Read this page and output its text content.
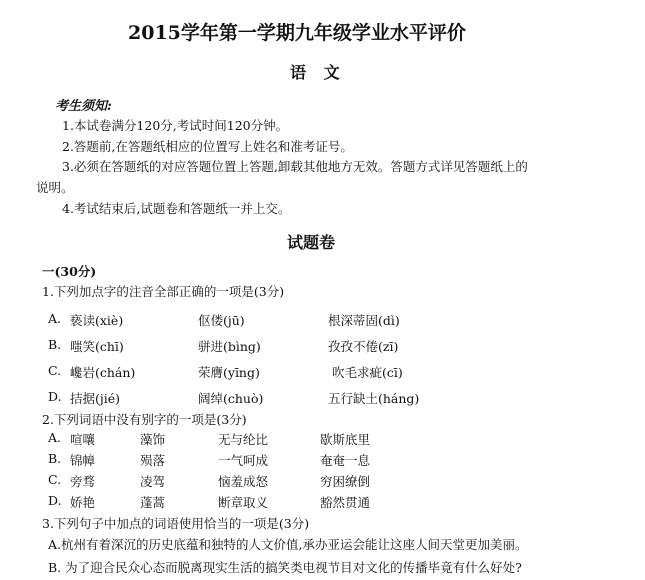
2015学年第一学期九年级学业水平评价
语 文
考生须知:
1.本试卷满分120分,考试时间120分钟。
2.答题前,在答题纸相应的位置写上姓名和准考证号。
3.必须在答题纸的对应答题位置上答题,卸载其他地方无效。答题方式详见答题纸上的
说明。
4.考试结束后,试题卷和答题纸一并上交。
试题卷
一(30分)
1.下列加点字的注音全部正确的一项是(3分)
A. 亵读(xiè)	伛偻(jū)	根深蒂固(dì)
B. 嗤笑(chī)	骈进(bìng)	孜孜不倦(zī)
C. 巉岩(chán)	荣膺(yīng)	吹毛求疵(cī)
D. 拮据(jié)	阔绰(chuò)	五行缺土(háng)
2.下列词语中没有别字的一项是(3分)
A. 喧嚷	藻饰	无与纶比	歇斯底里
B. 锦幛	殒落	一气呵成	奄奄一息
C. 旁骛	凌驾	恼羞成怒	穷困缭倒
D. 娇艳	蓬蒿	断章取义	豁然贯通
3.下列句子中加点的词语使用恰当的一项是(3分)
A.杭州有着深沉的历史底蕴和独特的人文价值,承办亚运会能让这座人间天堂更加美丽。
B. 为了迎合民众心态而脱离现实生活的搞笑类电视节目对文化的传播毕竟有什么好处?
